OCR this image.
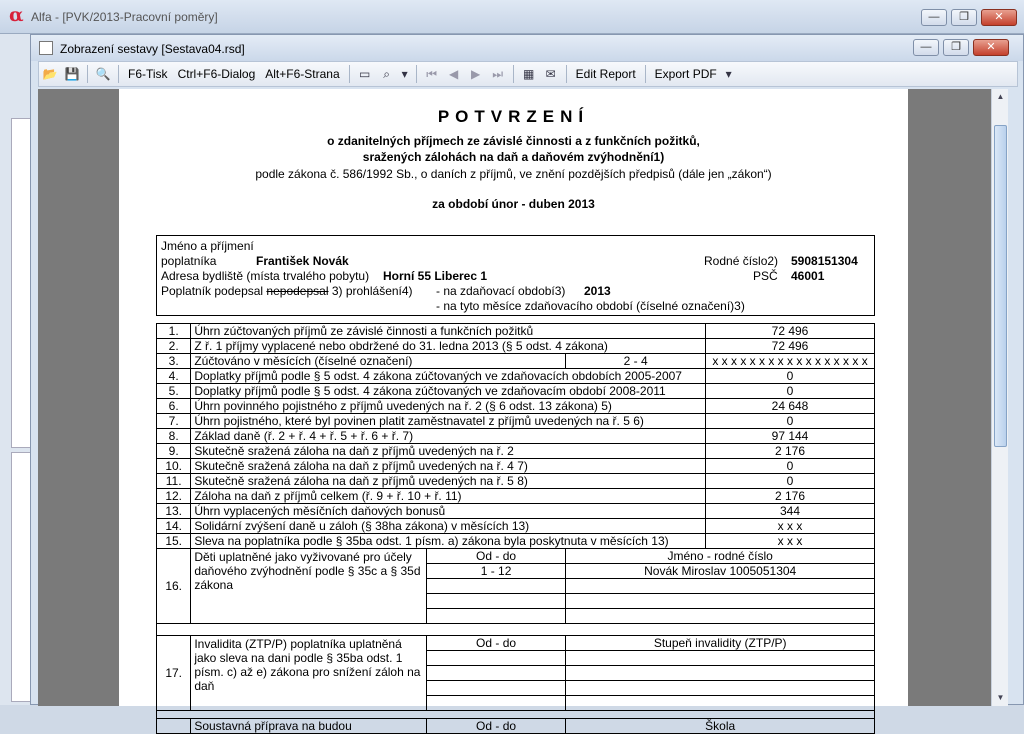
α Alfa - [PVK/2013-Pracovní poměry]	—	❐	✕
Zobrazení sestavy [Sestava04.rsd]	—	❐	✕
📂 💾 🔍	F6-Tisk Ctrl+F6-Dialog Alt+F6-Strana	▭	⌕ ▾ ⏮ ◀	▶ ⏭ ▦ ✉	Edit Report	Export PDF ▾
POTVRZENÍ
o zdanitelných příjmech ze závislé činnosti a z funkčních požitků,
sražených zálohách na daň a daňovém zvýhodnění1)
podle zákona č. 586/1992 Sb., o daních z příjmů, ve znění pozdějších předpisů (dále jen „zákon“)
za období únor - duben 2013
Jméno a příjmení
poplatníka	František Novák	Rodné číslo2) 5908151304
Adresa bydliště (místa trvalého pobytu) Horní 55 Liberec 1	PSČ 46001
Poplatník podepsal nepodepsal 3) prohlášení4) - na zdaňovací období3) 2013
- na tyto měsíce zdaňovacího období (číselné označení)3)
1.	Úhrn zúčtovaných příjmů ze závislé činnosti a funkčních požitků			72 496
2.	Z ř. 1 příjmy vyplacené nebo obdržené do 31. ledna 2013 (§ 5 odst. 4 zákona)			72 496
3.	Zúčtováno v měsících (číselné označení)		2 - 4	x x x x x x x x x x x x x x x x x
4.	Doplatky příjmů podle § 5 odst. 4 zákona zúčtovaných ve zdaňovacích obdobích 2005-2007			0
5.	Doplatky příjmů podle § 5 odst. 4 zákona zúčtovaných ve zdaňovacím období 2008-2011			0
6.	Úhrn povinného pojistného z příjmů uvedených na ř. 2 (§ 6 odst. 13 zákona) 5)			24 648
7.	Úhrn pojistného, které byl povinen platit zaměstnavatel z příjmů uvedených na ř. 5 6)			0
8.	Základ daně (ř. 2 + ř. 4 + ř. 5 + ř. 6 + ř. 7)			97 144
9.	Skutečně sražená záloha na daň z příjmů uvedených na ř. 2			2 176
10.	Skutečně sražená záloha na daň z příjmů uvedených na ř. 4 7)			0
11.	Skutečně sražená záloha na daň z příjmů uvedených na ř. 5 8)			0
12.	Záloha na daň z příjmů celkem (ř. 9 + ř. 10 + ř. 11)			2 176
13.	Úhrn vyplacených měsíčních daňových bonusů			344
14.	Solidární zvýšení daně u záloh (§ 38ha zákona) v měsících 13)			x x x
15.	Sleva na poplatníka podle § 35ba odst. 1 písm. a) zákona byla poskytnuta v měsících 13)			x x x
16.	Děti uplatněné jako vyživované pro účely daňového zvýhodnění podle § 35c a § 35d zákona	Od - do	Jméno - rodné číslo	
		1 - 12	Novák Miroslav 1005051304	

17.	Invalidita (ZTP/P) poplatníka uplatněná jako sleva na dani podle § 35ba odst. 1 písm. c) až e) zákona pro snížení záloh na daň	Od - do	Stupeň invalidity (ZTP/P)	

	Soustavná příprava na budou	Od - do	Škola	
▲
▼
